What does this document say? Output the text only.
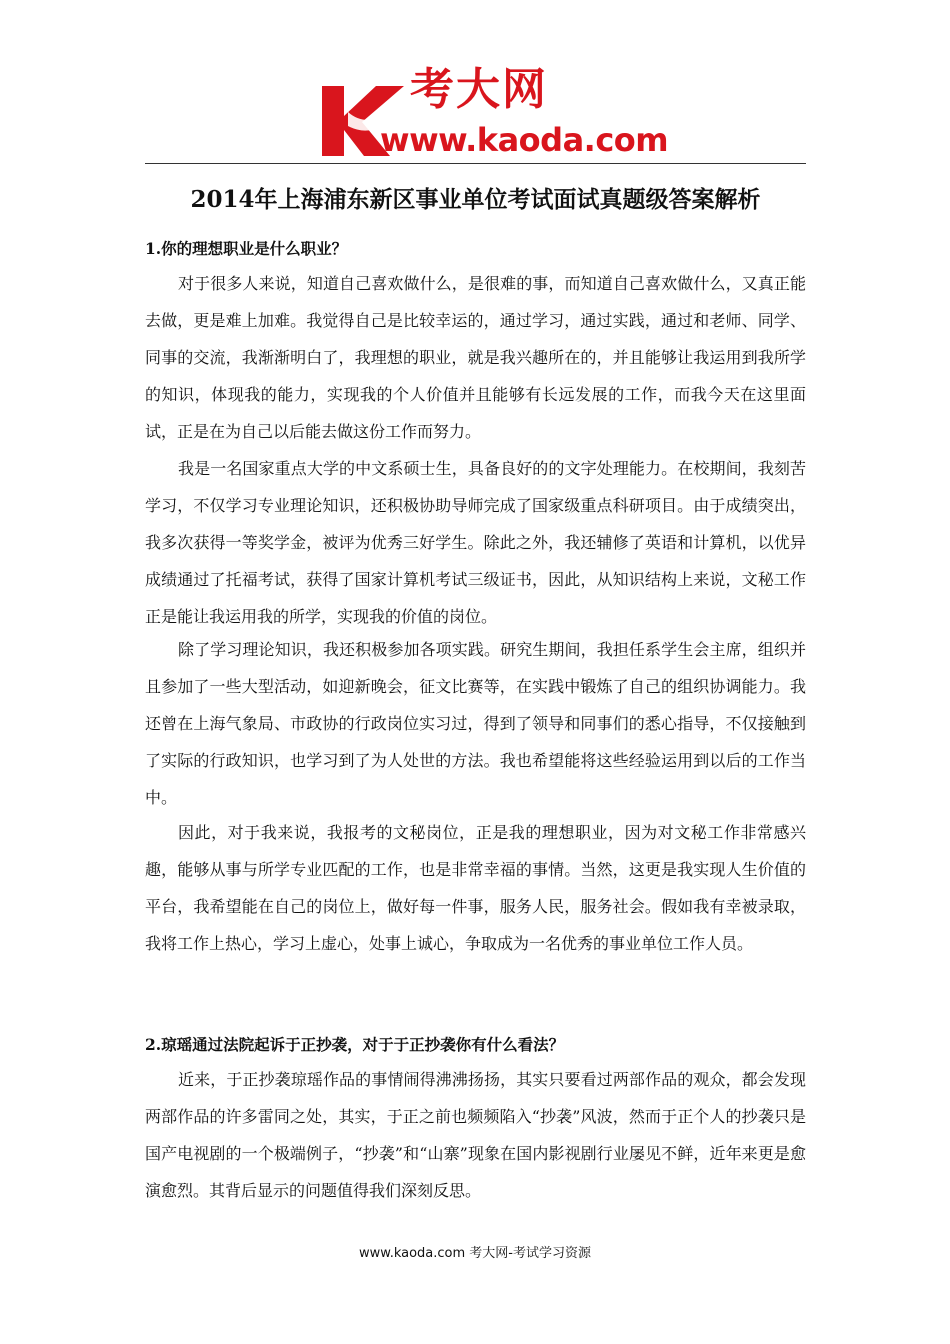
考大网
www.kaoda.com
2014年上海浦东新区事业单位考试面试真题级答案解析

1.你的理想职业是什么职业？

对于很多人来说，知道自己喜欢做什么，是很难的事，而知道自己喜欢做什么，又真正能去做，更是难上加难。我觉得自己是比较幸运的，通过学习，通过实践，通过和老师、同学、同事的交流，我渐渐明白了，我理想的职业，就是我兴趣所在的，并且能够让我运用到我所学的知识，体现我的能力，实现我的个人价值并且能够有长远发展的工作，而我今天在这里面试，正是在为自己以后能去做这份工作而努力。

我是一名国家重点大学的中文系硕士生，具备良好的的文字处理能力。在校期间，我刻苦学习，不仅学习专业理论知识，还积极协助导师完成了国家级重点科研项目。由于成绩突出，我多次获得一等奖学金，被评为优秀三好学生。除此之外，我还辅修了英语和计算机，以优异成绩通过了托福考试，获得了国家计算机考试三级证书，因此，从知识结构上来说，文秘工作正是能让我运用我的所学，实现我的价值的岗位。

除了学习理论知识，我还积极参加各项实践。研究生期间，我担任系学生会主席，组织并且参加了一些大型活动，如迎新晚会，征文比赛等，在实践中锻炼了自己的组织协调能力。我还曾在上海气象局、市政协的行政岗位实习过，得到了领导和同事们的悉心指导，不仅接触到了实际的行政知识，也学习到了为人处世的方法。我也希望能将这些经验运用到以后的工作当中。

因此，对于我来说，我报考的文秘岗位，正是我的理想职业，因为对文秘工作非常感兴趣，能够从事与所学专业匹配的工作，也是非常幸福的事情。当然，这更是我实现人生价值的平台，我希望能在自己的岗位上，做好每一件事，服务人民，服务社会。假如我有幸被录取，我将工作上热心，学习上虚心，处事上诚心，争取成为一名优秀的事业单位工作人员。

2.琼瑶通过法院起诉于正抄袭，对于于正抄袭你有什么看法？

近来，于正抄袭琼瑶作品的事情闹得沸沸扬扬，其实只要看过两部作品的观众，都会发现两部作品的许多雷同之处，其实，于正之前也频频陷入“抄袭”风波，然而于正个人的抄袭只是国产电视剧的一个极端例子，“抄袭”和“山寨”现象在国内影视剧行业屡见不鲜，近年来更是愈演愈烈。其背后显示的问题值得我们深刻反思。

www.kaoda.com 考大网-考试学习资源
